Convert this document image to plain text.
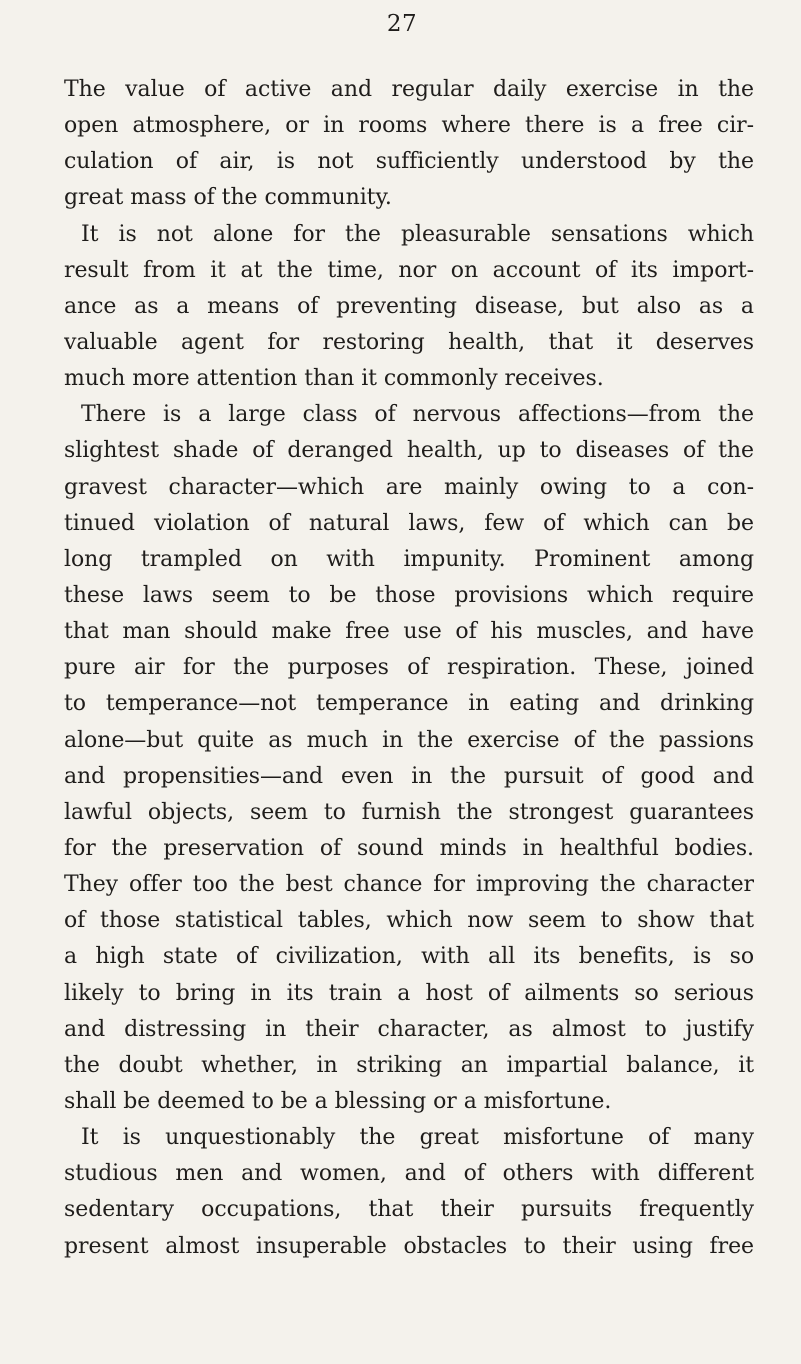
27
The value of active and regular daily exercise in the
open atmosphere, or in rooms where there is a free cir-
culation of air, is not sufficiently understood by the
great mass of the community.
It is not alone for the pleasurable sensations which
result from it at the time, nor on account of its import-
ance as a means of preventing disease, but also as a
valuable agent for restoring health, that it deserves
much more attention than it commonly receives.
There is a large class of nervous affections—from the
slightest shade of deranged health, up to diseases of the
gravest character—which are mainly owing to a con-
tinued violation of natural laws, few of which can be
long trampled on with impunity. Prominent among
these laws seem to be those provisions which require
that man should make free use of his muscles, and have
pure air for the purposes of respiration. These, joined
to temperance—not temperance in eating and drinking
alone—but quite as much in the exercise of the passions
and propensities—and even in the pursuit of good and
lawful objects, seem to furnish the strongest guarantees
for the preservation of sound minds in healthful bodies.
They offer too the best chance for improving the character
of those statistical tables, which now seem to show that
a high state of civilization, with all its benefits, is so
likely to bring in its train a host of ailments so serious
and distressing in their character, as almost to justify
the doubt whether, in striking an impartial balance, it
shall be deemed to be a blessing or a misfortune.
It is unquestionably the great misfortune of many
studious men and women, and of others with different
sedentary occupations, that their pursuits frequently
present almost insuperable obstacles to their using free
